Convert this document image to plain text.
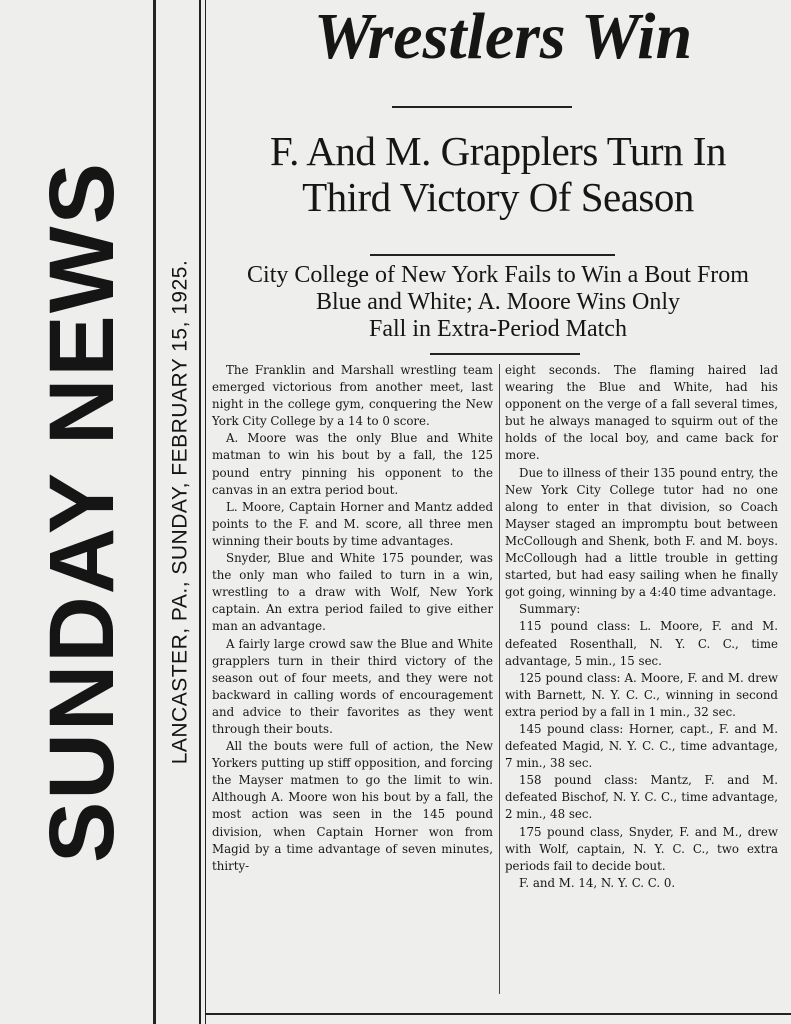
SUNDAY NEWS LANCASTER, PA., SUNDAY, FEBRUARY 15, 1925.
Wrestlers Win
F. And M. Grapplers Turn In
Third Victory Of Season
City College of New York Fails to Win a Bout From
Blue and White; A. Moore Wins Only
Fall in Extra-Period Match

The Franklin and Marshall wrestling team emerged victorious from another meet, last night in the college gym, conquering the New York City College by a 14 to 0 score.

A. Moore was the only Blue and White matman to win his bout by a fall, the 125 pound entry pinning his opponent to the canvas in an extra period bout.

L. Moore, Captain Horner and Mantz added points to the F. and M. score, all three men winning their bouts by time advantages.

Snyder, Blue and White 175 pounder, was the only man who failed to turn in a win, wrestling to a draw with Wolf, New York captain. An extra period failed to give either man an advantage.

A fairly large crowd saw the Blue and White grapplers turn in their third victory of the season out of four meets, and they were not backward in calling words of encouragement and advice to their favorites as they went through their bouts.

All the bouts were full of action, the New Yorkers putting up stiff opposition, and forcing the Mayser matmen to go the limit to win. Although A. Moore won his bout by a fall, the most action was seen in the 145 pound division, when Captain Horner won from Magid by a time advantage of seven minutes, thirty-

eight seconds. The flaming haired lad wearing the Blue and White, had his opponent on the verge of a fall several times, but he always managed to squirm out of the holds of the local boy, and came back for more.

Due to illness of their 135 pound entry, the New York City College tutor had no one along to enter in that division, so Coach Mayser staged an impromptu bout between McCollough and Shenk, both F. and M. boys. McCollough had a little trouble in getting started, but had easy sailing when he finally got going, winning by a 4:40 time advantage.

Summary:

115 pound class: L. Moore, F. and M. defeated Rosenthall, N. Y. C. C., time advantage, 5 min., 15 sec.

125 pound class: A. Moore, F. and M. drew with Barnett, N. Y. C. C., winning in second extra period by a fall in 1 min., 32 sec.

145 pound class: Horner, capt., F. and M. defeated Magid, N. Y. C. C., time advantage, 7 min., 38 sec.

158 pound class: Mantz, F. and M. defeated Bischof, N. Y. C. C., time advantage, 2 min., 48 sec.

175 pound class, Snyder, F. and M., drew with Wolf, captain, N. Y. C. C., two extra periods fail to decide bout.

F. and M. 14, N. Y. C. C. 0.
